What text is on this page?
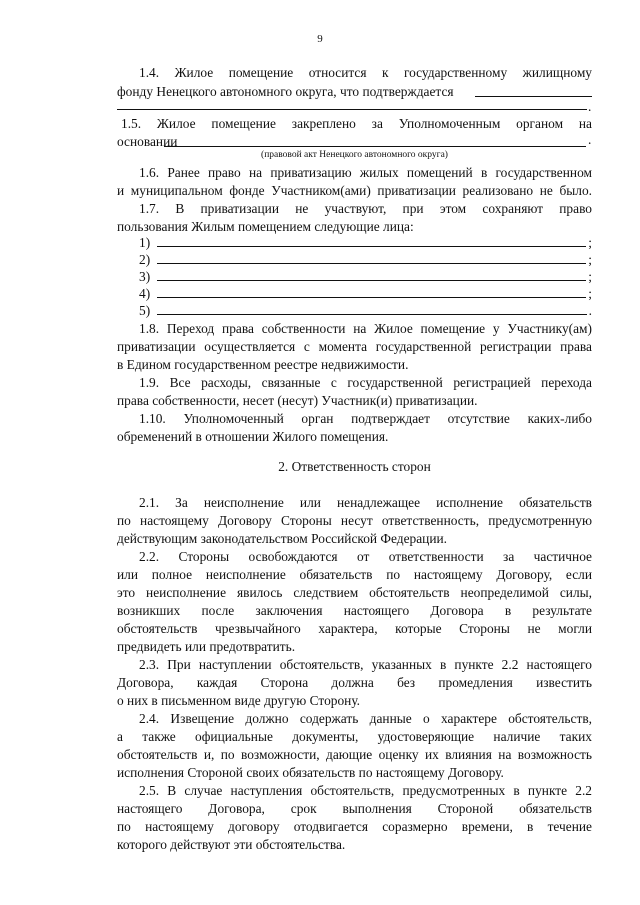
9
1.4. Жилое помещение относится к государственному жилищному
фонду Ненецкого автономного округа, что подтверждается
.
1.5. Жилое помещение закреплено за Уполномоченным органом на
основании	.
(правовой акт Ненецкого автономного округа)
1.6. Ранее право на приватизацию жилых помещений в государственном
и муниципальном фонде Участником(ами) приватизации реализовано не было.
1.7. В приватизации не участвуют, при этом сохраняют право
пользования Жилым помещением следующие лица:
1)	;
2)	;
3)	;
4)	;
5)	.
1.8. Переход права собственности на Жилое помещение у Участнику(ам)
приватизации осуществляется с момента государственной регистрации права
в Едином государственном реестре недвижимости.
1.9. Все расходы, связанные с государственной регистрацией перехода
права собственности, несет (несут) Участник(и) приватизации.
1.10. Уполномоченный орган подтверждает отсутствие каких-либо
обременений в отношении Жилого помещения.
2. Ответственность сторон
2.1. За неисполнение или ненадлежащее исполнение обязательств
по настоящему Договору Стороны несут ответственность, предусмотренную
действующим законодательством Российской Федерации.
2.2. Стороны освобождаются от ответственности за частичное
или полное неисполнение обязательств по настоящему Договору, если
это неисполнение явилось следствием обстоятельств неопределимой силы,
возникших после заключения настоящего Договора в результате
обстоятельств чрезвычайного характера, которые Стороны не могли
предвидеть или предотвратить.
2.3. При наступлении обстоятельств, указанных в пункте 2.2 настоящего
Договора, каждая Сторона должна без промедления известить
о них в письменном виде другую Сторону.
2.4. Извещение должно содержать данные о характере обстоятельств,
а также официальные документы, удостоверяющие наличие таких
обстоятельств и, по возможности, дающие оценку их влияния на возможность
исполнения Стороной своих обязательств по настоящему Договору.
2.5. В случае наступления обстоятельств, предусмотренных в пункте 2.2
настоящего Договора, срок выполнения Стороной обязательств
по настоящему договору отодвигается соразмерно времени, в течение
которого действуют эти обстоятельства.
